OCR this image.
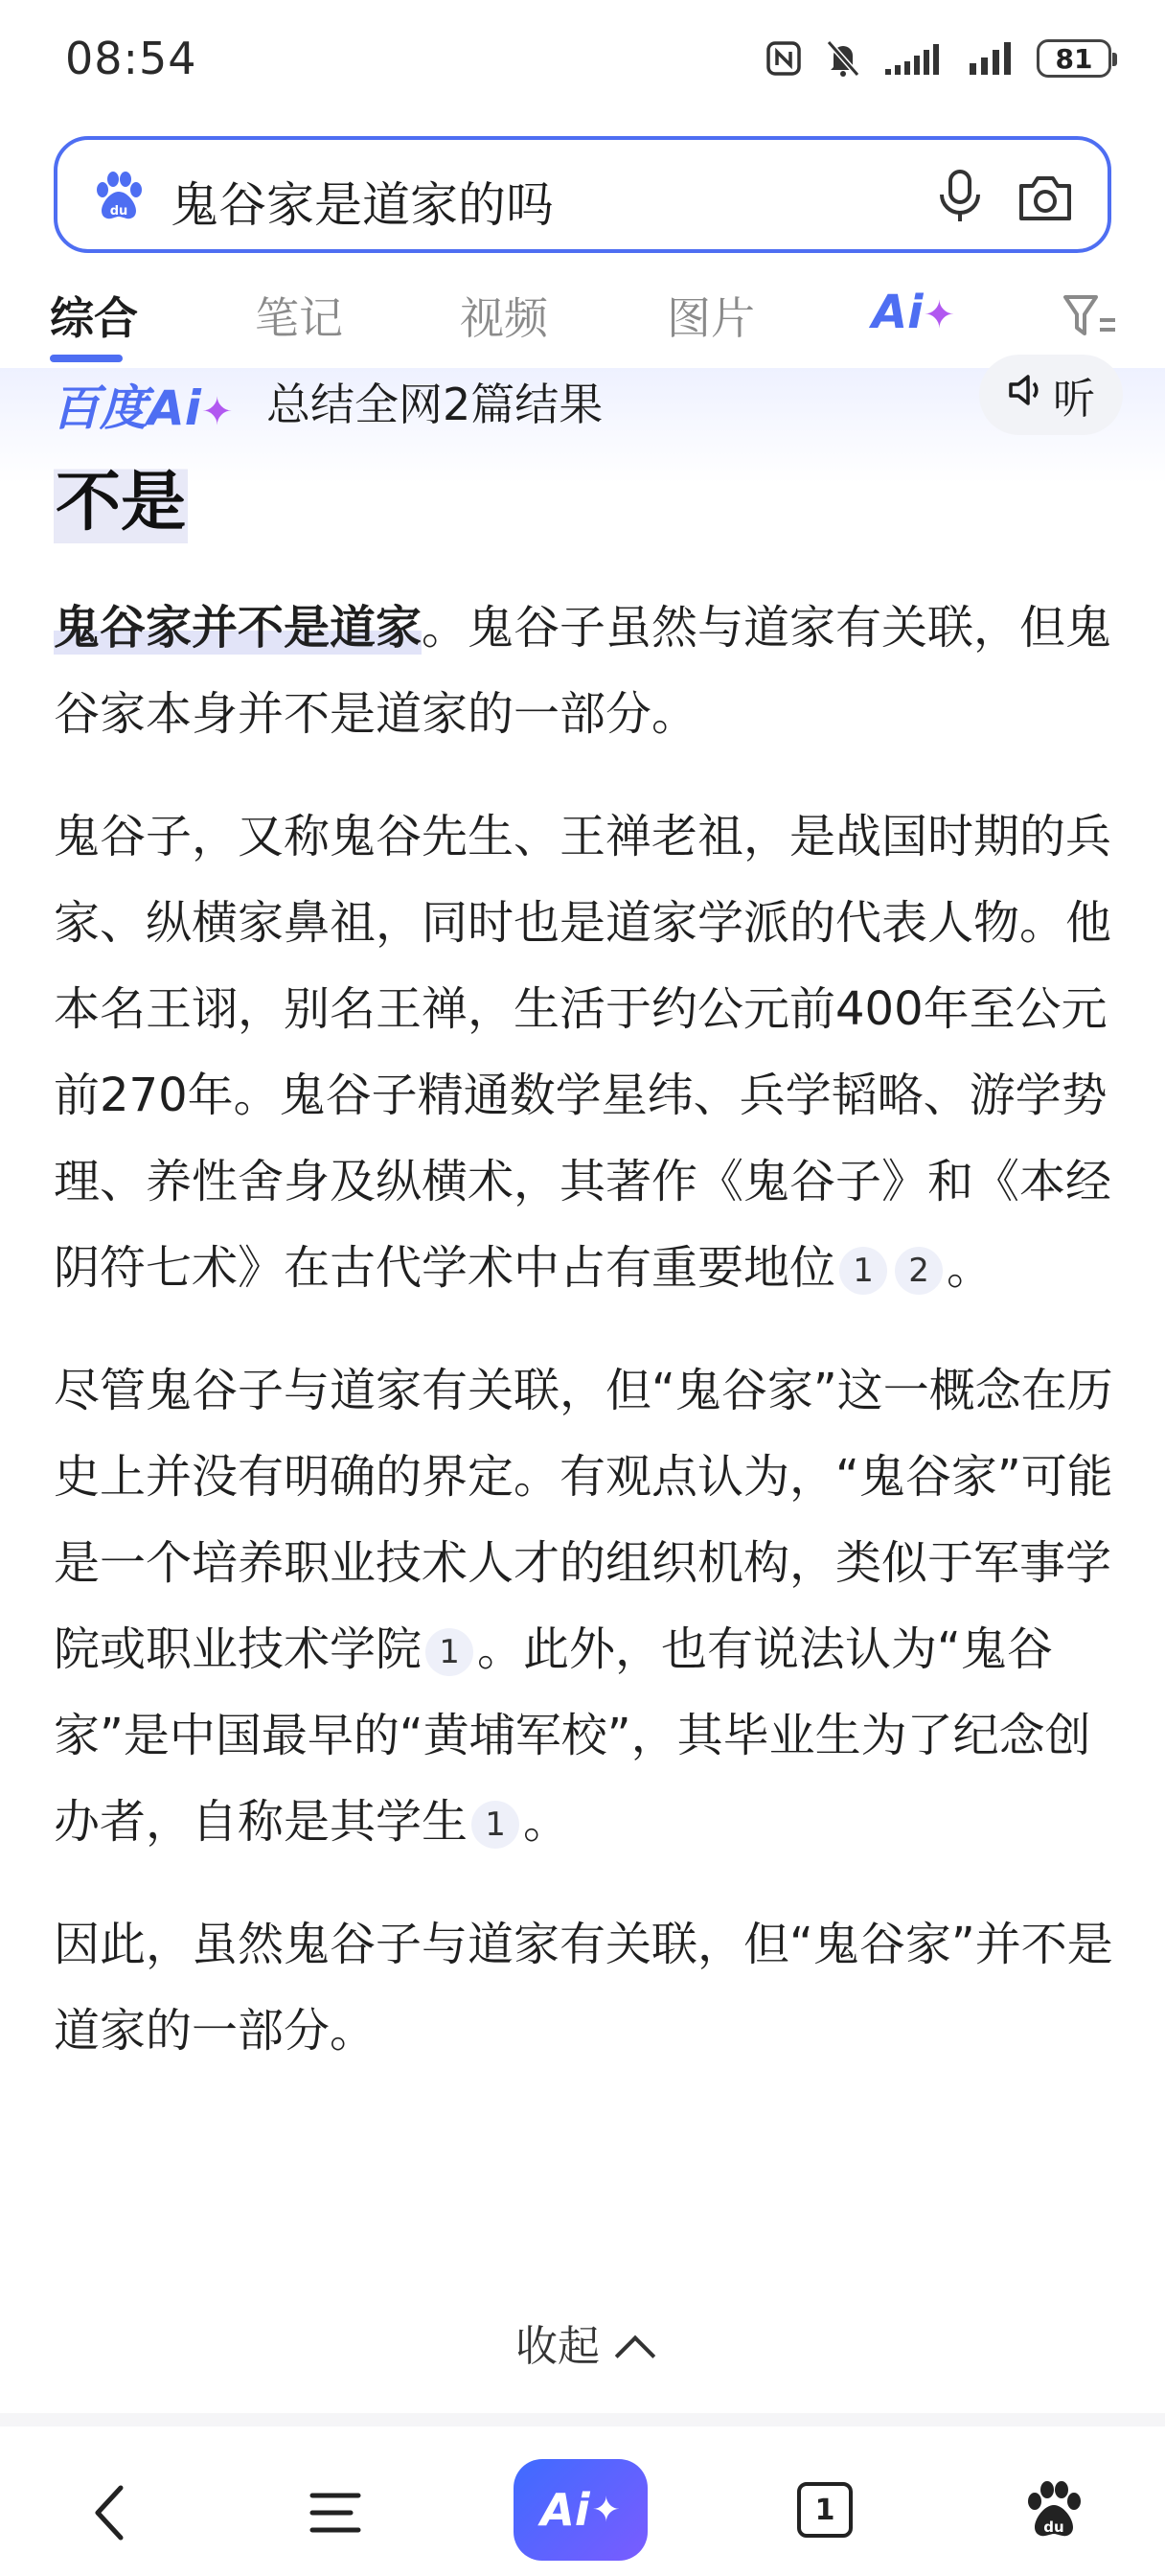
08:54	81
du 鬼谷家是道家的吗
综合	笔记	视频	图片	Ai✦
百度Ai✦ 总结全网2篇结果	听
不是

鬼谷家并不是道家。鬼谷子虽然与道家有关联，但鬼谷家本身并不是道家的一部分。

鬼谷子，又称鬼谷先生、王禅老祖，是战国时期的兵家、纵横家鼻祖，同时也是道家学派的代表人物。他本名王诩，别名王禅，生活于约公元前400年至公元前270年。鬼谷子精通数学星纬、兵学韬略、游学势理、养性舍身及纵横术，其著作《鬼谷子》和《本经阴符七术》在古代学术中占有重要地位 1 2 。

尽管鬼谷子与道家有关联，但“鬼谷家”这一概念在历史上并没有明确的界定。有观点认为，“鬼谷家”可能是一个培养职业技术人才的组织机构，类似于军事学院或职业技术学院 1 。此外，也有说法认为“鬼谷家”是中国最早的“黄埔军校”，其毕业生为了纪念创办者，自称是其学生 1 。

因此，虽然鬼谷子与道家有关联，但“鬼谷家”并不是道家的一部分。

收起
Ai ✦	1
du
